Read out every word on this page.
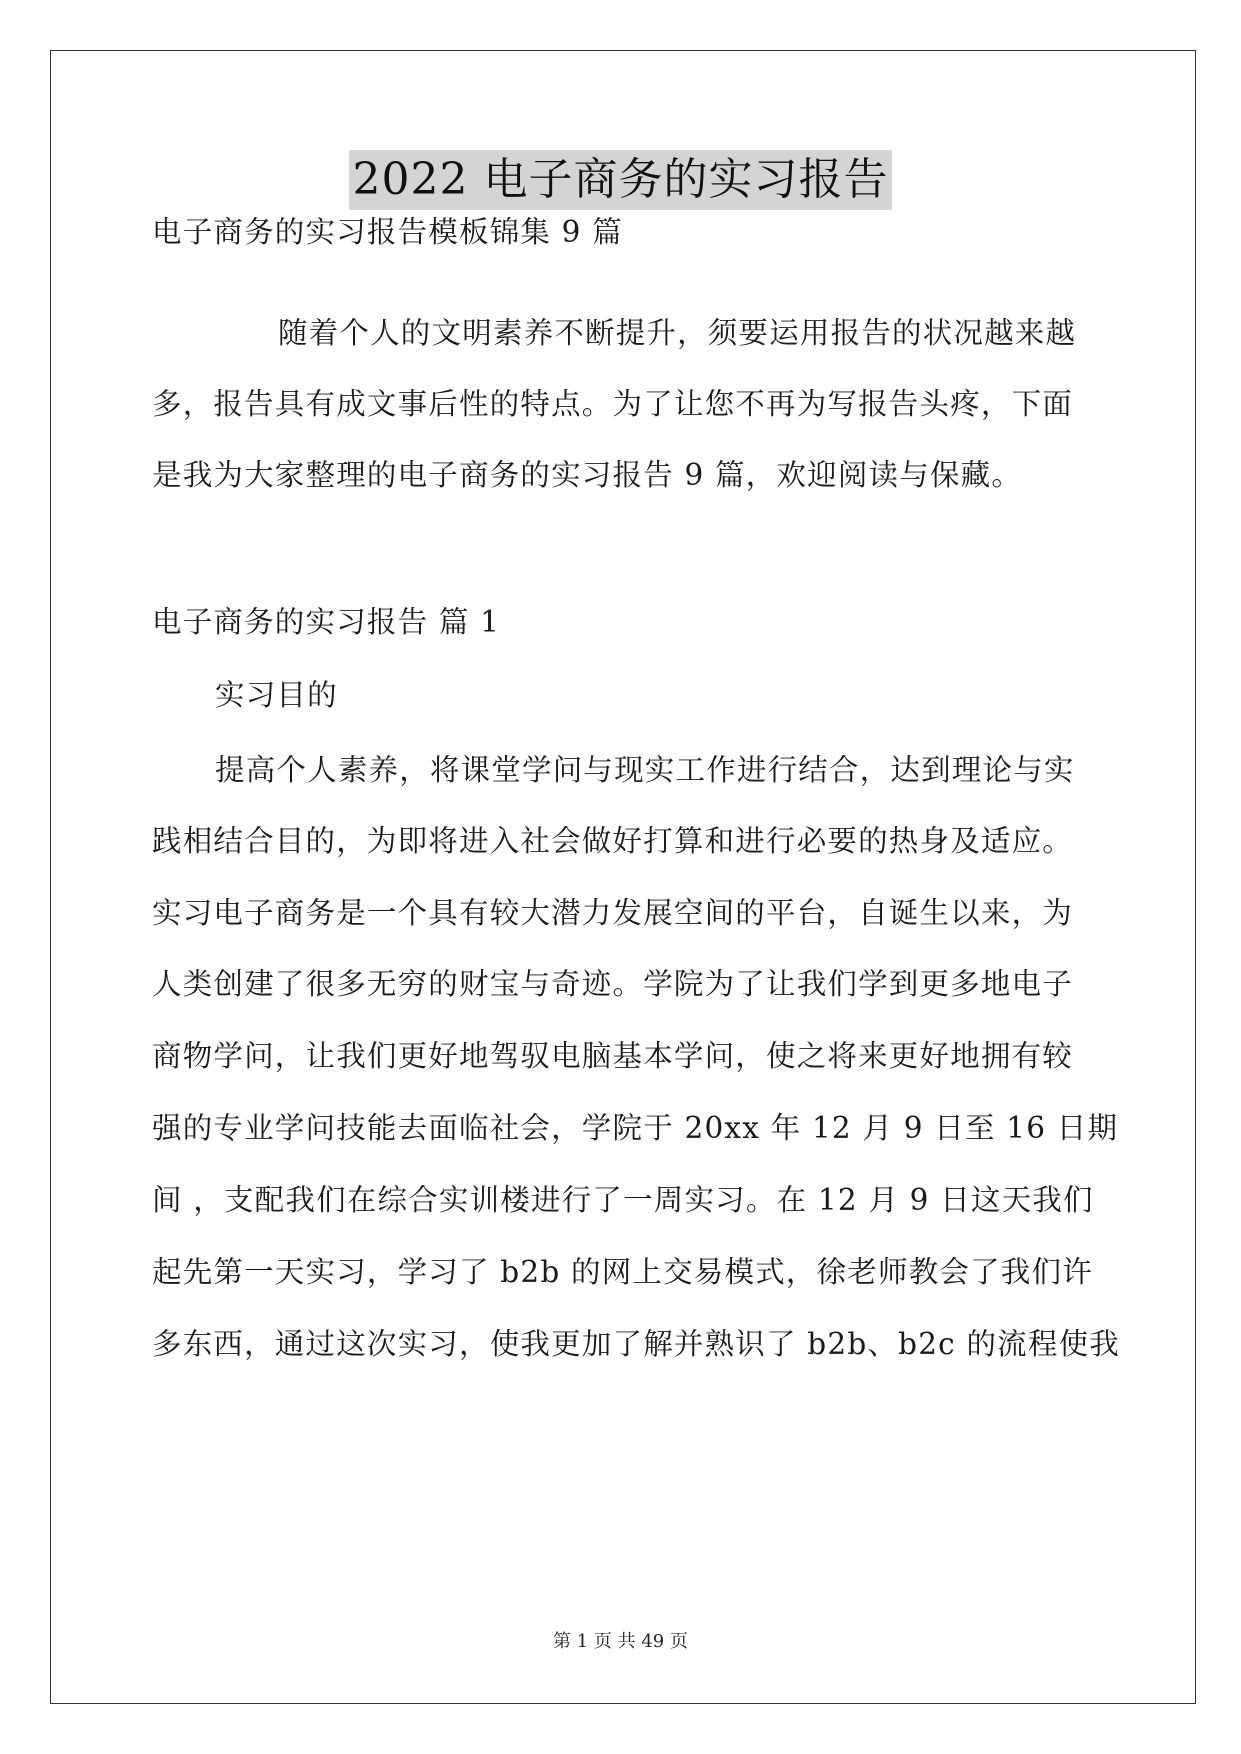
2022 电子商务的实习报告
电子商务的实习报告模板锦集 9 篇
随着个人的文明素养不断提升，须要运用报告的状况越来越
多，报告具有成文事后性的特点。为了让您不再为写报告头疼，下面
是我为大家整理的电子商务的实习报告 9 篇，欢迎阅读与保藏。
电子商务的实习报告 篇 1
实习目的
提高个人素养，将课堂学问与现实工作进行结合，达到理论与实
践相结合目的，为即将进入社会做好打算和进行必要的热身及适应。
实习电子商务是一个具有较大潜力发展空间的平台，自诞生以来，为
人类创建了很多无穷的财宝与奇迹。学院为了让我们学到更多地电子
商物学问，让我们更好地驾驭电脑基本学问，使之将来更好地拥有较
强的专业学问技能去面临社会，学院于 20xx 年 12 月 9 日至 16 日期
间 ，支配我们在综合实训楼进行了一周实习。在 12 月 9 日这天我们
起先第一天实习，学习了 b2b 的网上交易模式，徐老师教会了我们许
多东西，通过这次实习，使我更加了解并熟识了 b2b、b2c 的流程使我
第 1 页 共 49 页
